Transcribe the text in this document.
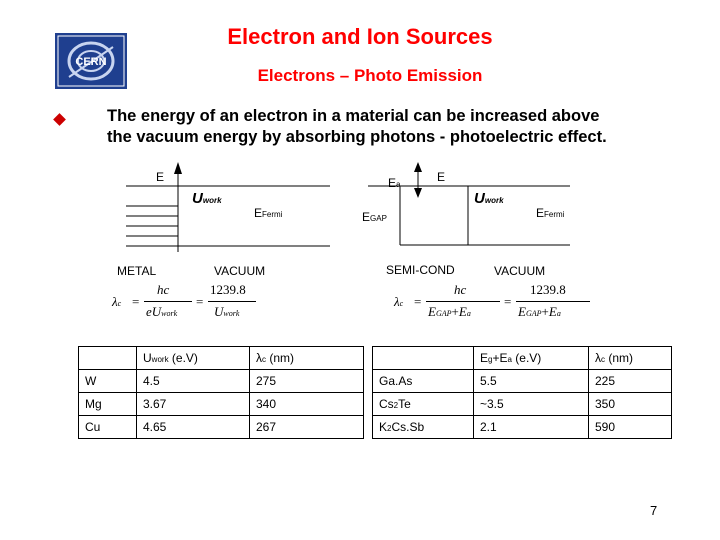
Electron and Ion Sources
Electrons – Photo Emission
CERN
The energy of an electron in a material can be increased above
the vacuum energy by absorbing photons - photoelectric effect.
E
Uwork
EFermi
METAL	VACUUM
λc =
hc
eUwork
=
1239.8
Uwork
Ea
E
Uwork
EGAP	EFermi
SEMI-COND	VACUUM
λc =
hc
EGAP+Ea
=
1239.8
EGAP+Ea
	Uwork (e.V)	λc (nm)
W	4.5	275
Mg	3.67	340
Cu	4.65	267
	Eg+Ea (e.V)	λc (nm)
Ga.As	5.5	225
Cs2Te	~3.5	350
K2Cs.Sb	2.1	590
7
